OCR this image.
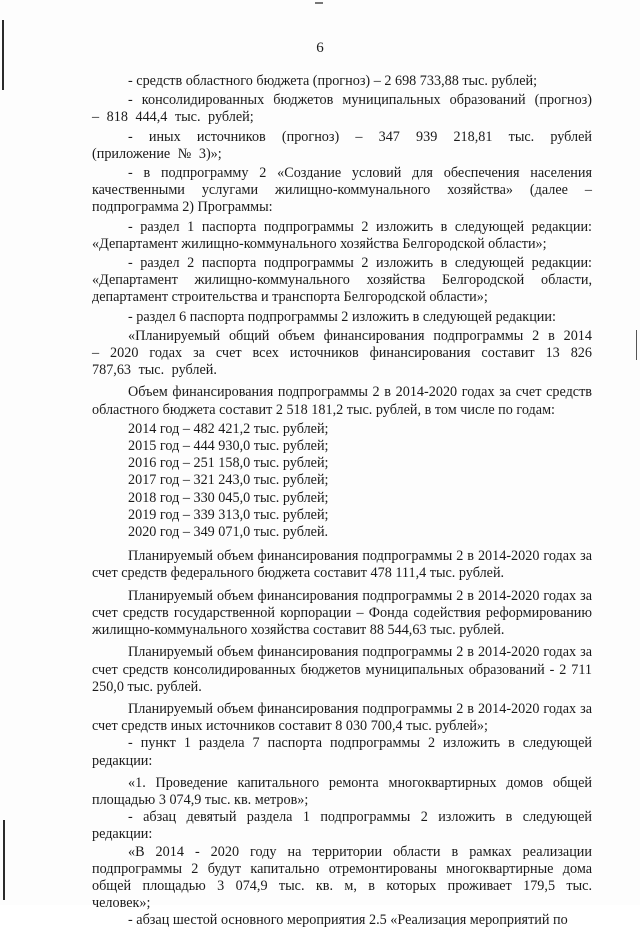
6

- средств областного бюджета (прогноз) – 2 698 733,88 тыс. рублей;

- консолидированных бюджетов муниципальных образований (прогноз) – 818 444,4 тыс. рублей;

- иных источников (прогноз) – 347 939 218,81 тыс. рублей (приложение № 3)»;

- в подпрограмму 2 «Создание условий для обеспечения населения качественными услугами жилищно-коммунального хозяйства» (далее – подпрограмма 2) Программы:

- раздел 1 паспорта подпрограммы 2 изложить в следующей редакции: «Департамент жилищно-коммунального хозяйства Белгородской области»;

- раздел 2 паспорта подпрограммы 2 изложить в следующей редакции: «Департамент жилищно-коммунального хозяйства Белгородской области, департамент строительства и транспорта Белгородской области»;

- раздел 6 паспорта подпрограммы 2 изложить в следующей редакции:

«Планируемый общий объем финансирования подпрограммы 2 в 2014 – 2020 годах за счет всех источников финансирования составит 13 826 787,63 тыс. рублей.

Объем финансирования подпрограммы 2 в 2014-2020 годах за счет средств областного бюджета составит 2 518 181,2 тыс. рублей, в том числе по годам:

2014 год – 482 421,2 тыс. рублей;

2015 год – 444 930,0 тыс. рублей;

2016 год – 251 158,0 тыс. рублей;

2017 год – 321 243,0 тыс. рублей;

2018 год – 330 045,0 тыс. рублей;

2019 год – 339 313,0 тыс. рублей;

2020 год – 349 071,0 тыс. рублей.

Планируемый объем финансирования подпрограммы 2 в 2014-2020 годах за счет средств федерального бюджета составит 478 111,4 тыс. рублей.

Планируемый объем финансирования подпрограммы 2 в 2014-2020 годах за счет средств государственной корпорации – Фонда содействия реформированию жилищно-коммунального хозяйства составит 88 544,63 тыс. рублей.

Планируемый объем финансирования подпрограммы 2 в 2014-2020 годах за счет средств консолидированных бюджетов муниципальных образований - 2 711 250,0 тыс. рублей.

Планируемый объем финансирования подпрограммы 2 в 2014-2020 годах за счет средств иных источников составит 8 030 700,4 тыс. рублей»;

- пункт 1 раздела 7 паспорта подпрограммы 2 изложить в следующей редакции:

«1. Проведение капитального ремонта многоквартирных домов общей площадью 3 074,9 тыс. кв. метров»;

- абзац девятый раздела 1 подпрограммы 2 изложить в следующей редакции:

«В 2014 - 2020 году на территории области в рамках реализации подпрограммы 2 будут капитально отремонтированы многоквартирные дома общей площадью 3 074,9 тыс. кв. м, в которых проживает 179,5 тыс. человек»;

- абзац шестой основного мероприятия 2.5 «Реализация мероприятий по
